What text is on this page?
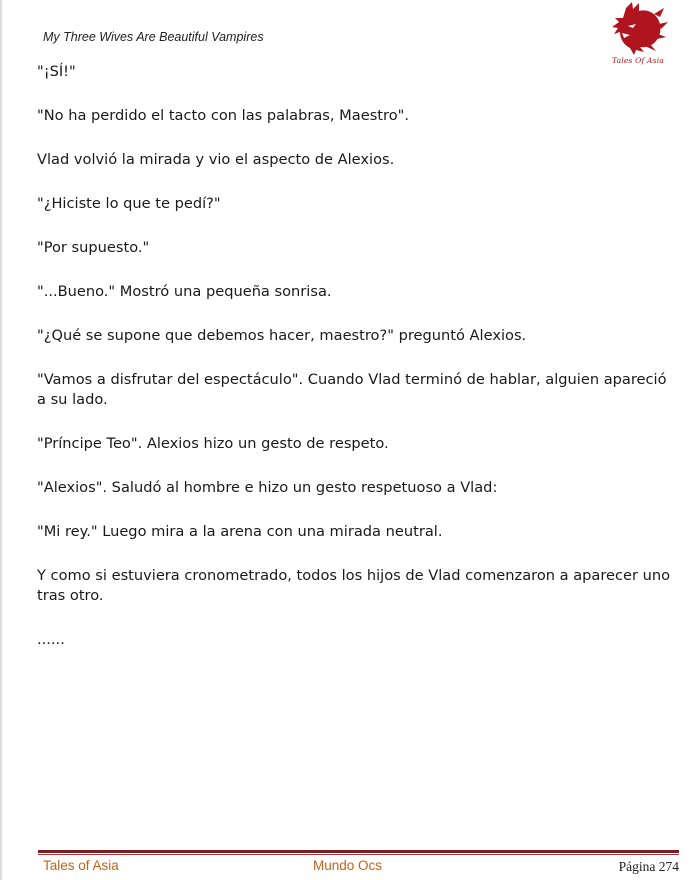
My Three Wives Are Beautiful Vampires
Tales Of Asia

"¡SÍ!"

"No ha perdido el tacto con las palabras, Maestro".

Vlad volvió la mirada y vio el aspecto de Alexios.

"¿Hiciste lo que te pedí?"

"Por supuesto."

"...Bueno." Mostró una pequeña sonrisa.

"¿Qué se supone que debemos hacer, maestro?" preguntó Alexios.

"Vamos a disfrutar del espectáculo". Cuando Vlad terminó de hablar, alguien apareció a su lado.

"Príncipe Teo". Alexios hizo un gesto de respeto.

"Alexios". Saludó al hombre e hizo un gesto respetuoso a Vlad:

"Mi rey." Luego mira a la arena con una mirada neutral.

Y como si estuviera cronometrado, todos los hijos de Vlad comenzaron a aparecer uno tras otro.

......

Tales of Asia	Mundo Ocs	Página 274
